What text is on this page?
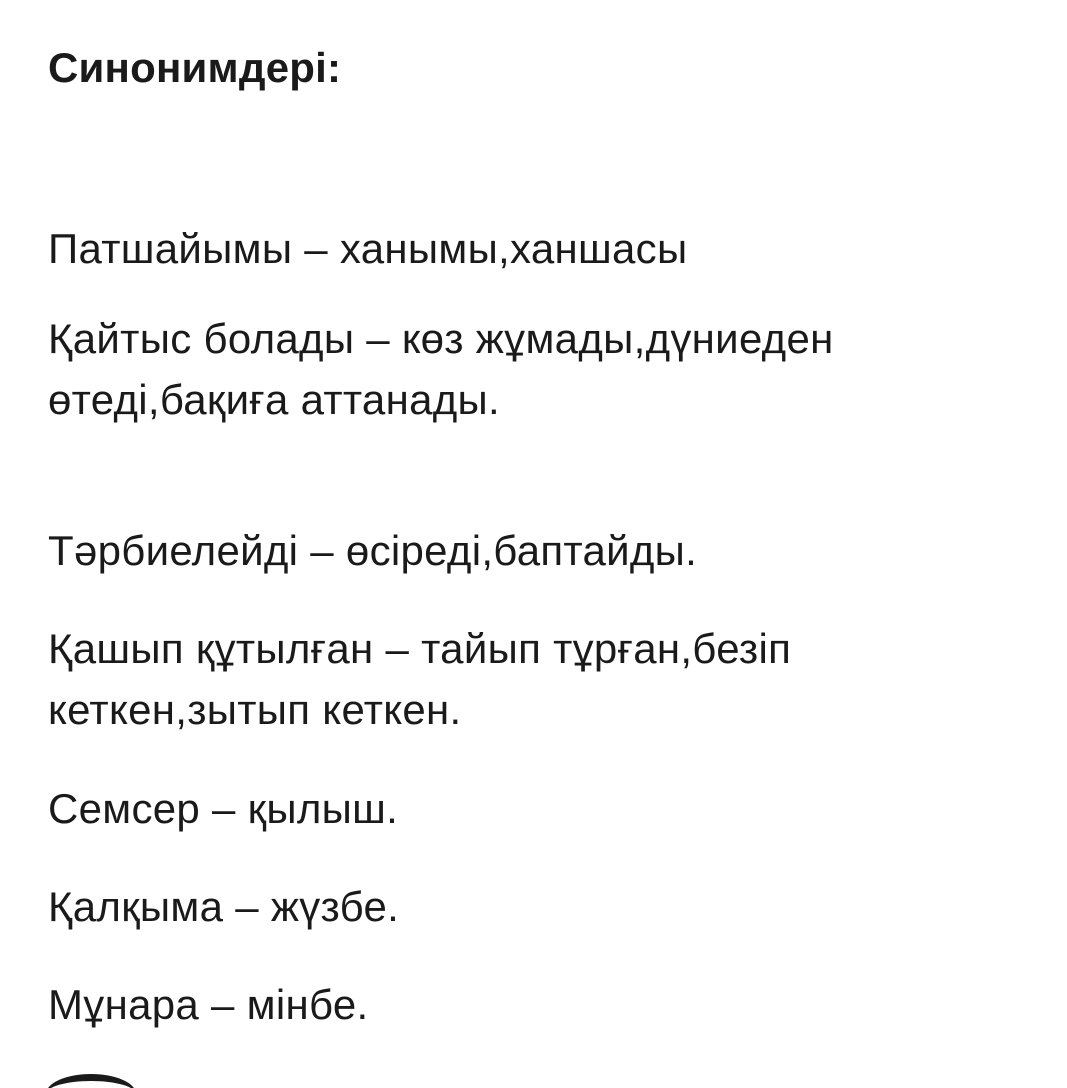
Синонимдері:

Патшайымы – ханымы,ханшасы

Қайтыс болады – көз жұмады,дүниеден өтеді,бақиға аттанады.

Тәрбиелейді – өсіреді,баптайды.

Қашып құтылған – тайып тұрған,безіп кеткен,зытып кеткен.

Семсер – қылыш.

Қалқыма – жүзбе.

Мұнара – мінбе.
